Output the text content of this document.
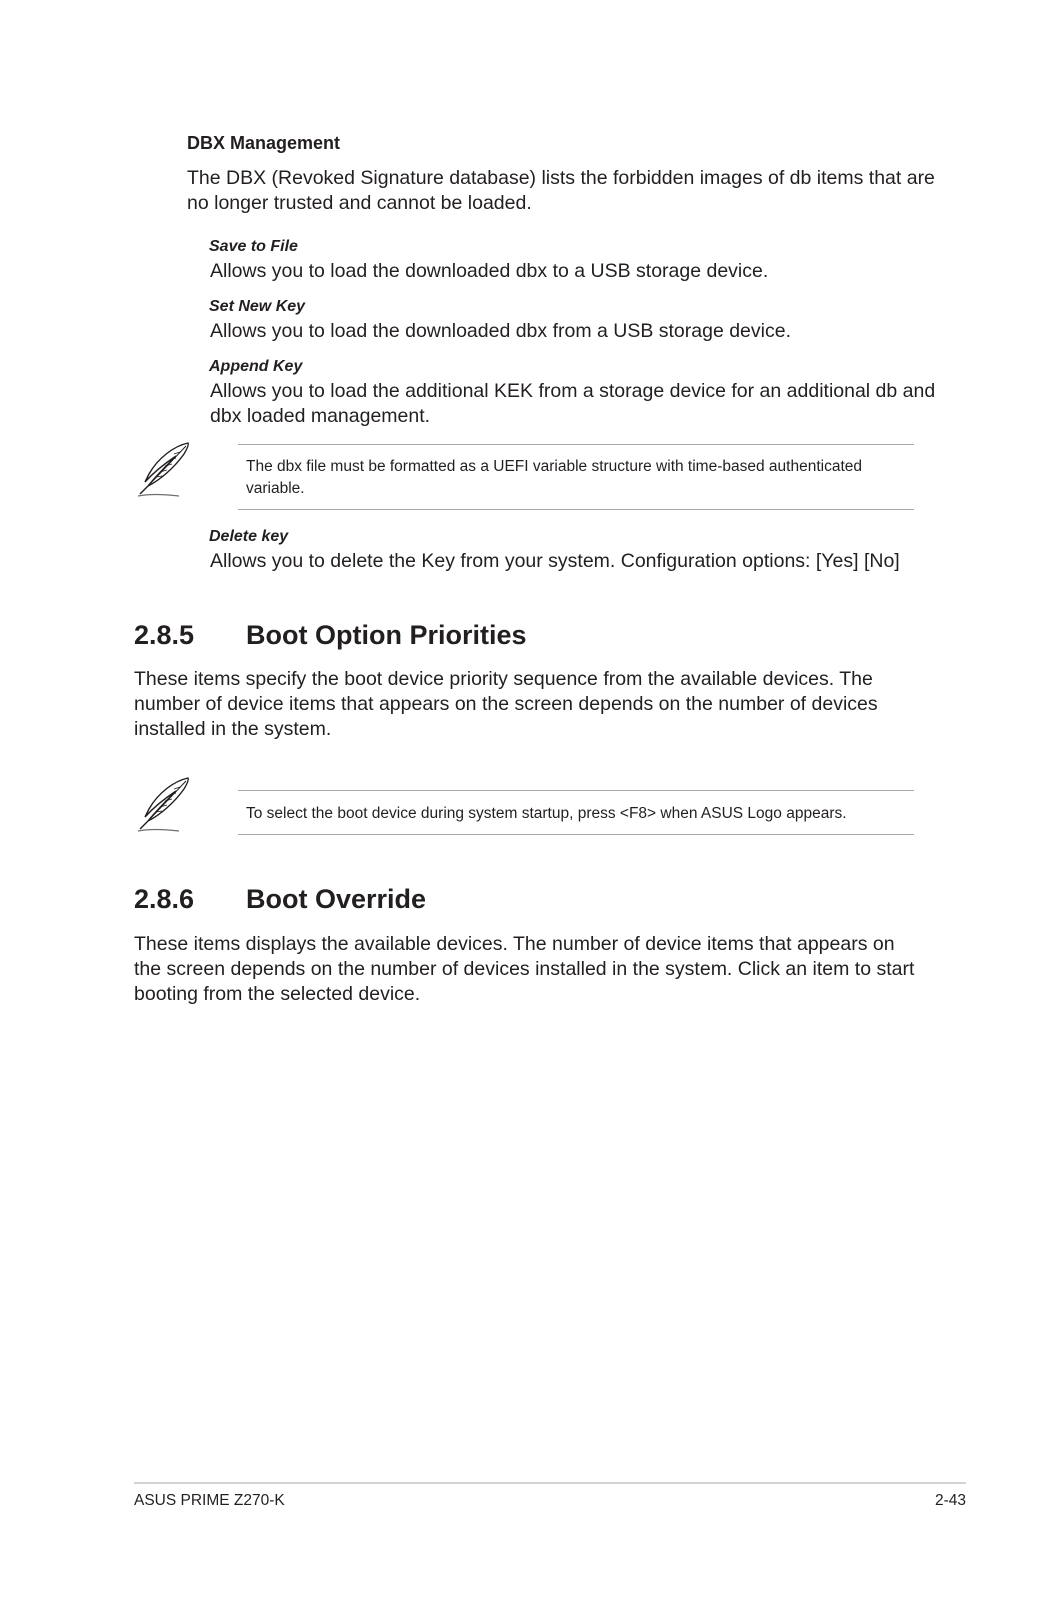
DBX Management
The DBX (Revoked Signature database) lists the forbidden images of db items that are
no longer trusted and cannot be loaded.
Save to File
Allows you to load the downloaded dbx to a USB storage device.
Set New Key
Allows you to load the downloaded dbx from a USB storage device.
Append Key
Allows you to load the additional KEK from a storage device for an additional db and
dbx loaded management.
The dbx file must be formatted as a UEFI variable structure with time-based authenticated
variable.
Delete key
Allows you to delete the Key from your system. Configuration options: [Yes] [No]
2.8.5 Boot Option Priorities
These items specify the boot device priority sequence from the available devices. The
number of device items that appears on the screen depends on the number of devices
installed in the system.
To select the boot device during system startup, press <F8> when ASUS Logo appears.
2.8.6 Boot Override
These items displays the available devices. The number of device items that appears on
the screen depends on the number of devices installed in the system. Click an item to start
booting from the selected device.
ASUS PRIME Z270-K	2-43
